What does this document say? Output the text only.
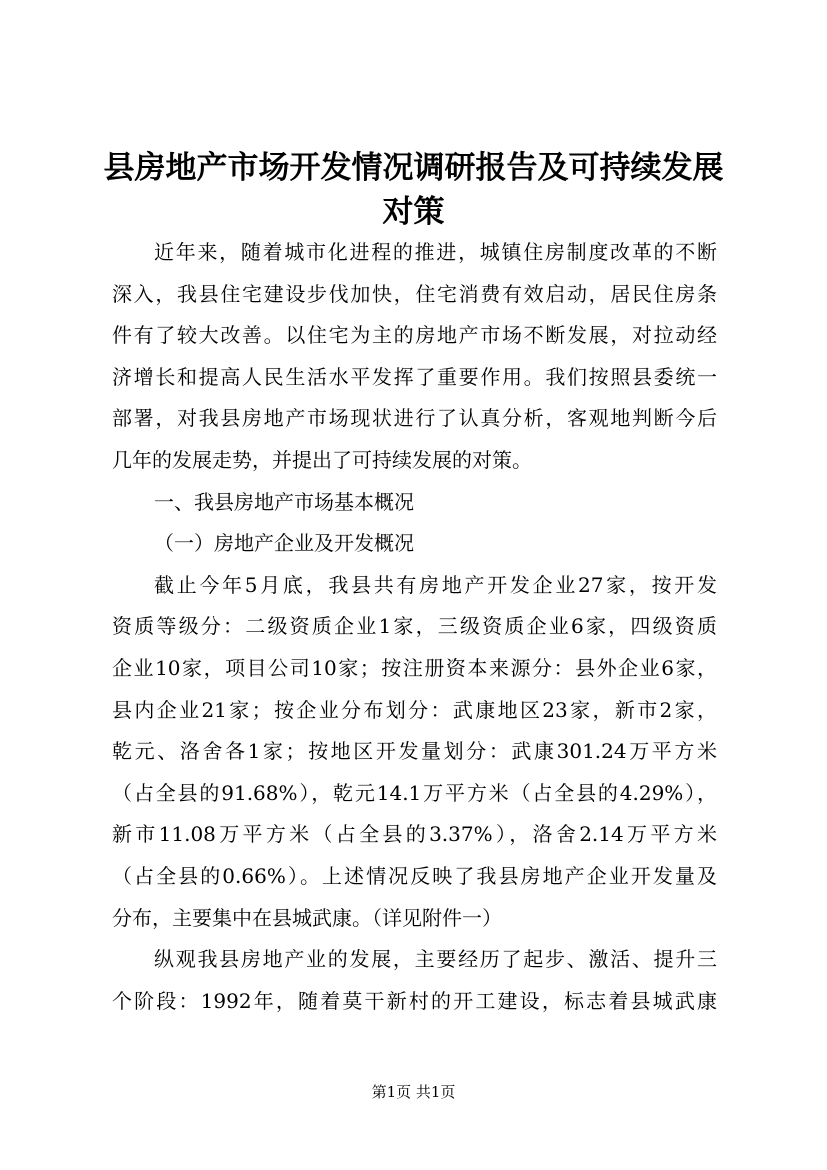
县房地产市场开发情况调研报告及可持续发展
对策
近年来，随着城市化进程的推进，城镇住房制度改革的不断
深入，我县住宅建设步伐加快，住宅消费有效启动，居民住房条
件有了较大改善。以住宅为主的房地产市场不断发展，对拉动经
济增长和提高人民生活水平发挥了重要作用。我们按照县委统一
部署，对我县房地产市场现状进行了认真分析，客观地判断今后
几年的发展走势，并提出了可持续发展的对策。
一、我县房地产市场基本概况
（一）房地产企业及开发概况
截止今年5月底，我县共有房地产开发企业27家，按开发
资质等级分：二级资质企业1家，三级资质企业6家，四级资质
企业10家，项目公司10家；按注册资本来源分：县外企业6家，
县内企业21家；按企业分布划分：武康地区23家，新市2家，
乾元、洛舍各1家；按地区开发量划分：武康301.24万平方米
（占全县的91.68%），乾元14.1万平方米（占全县的4.29%），
新市11.08万平方米（占全县的3.37%），洛舍2.14万平方米
（占全县的0.66%）。上述情况反映了我县房地产企业开发量及
分布，主要集中在县城武康。（详见附件一）
纵观我县房地产业的发展，主要经历了起步、激活、提升三
个阶段：1992年，随着莫干新村的开工建设，标志着县城武康
第1页 共1页
